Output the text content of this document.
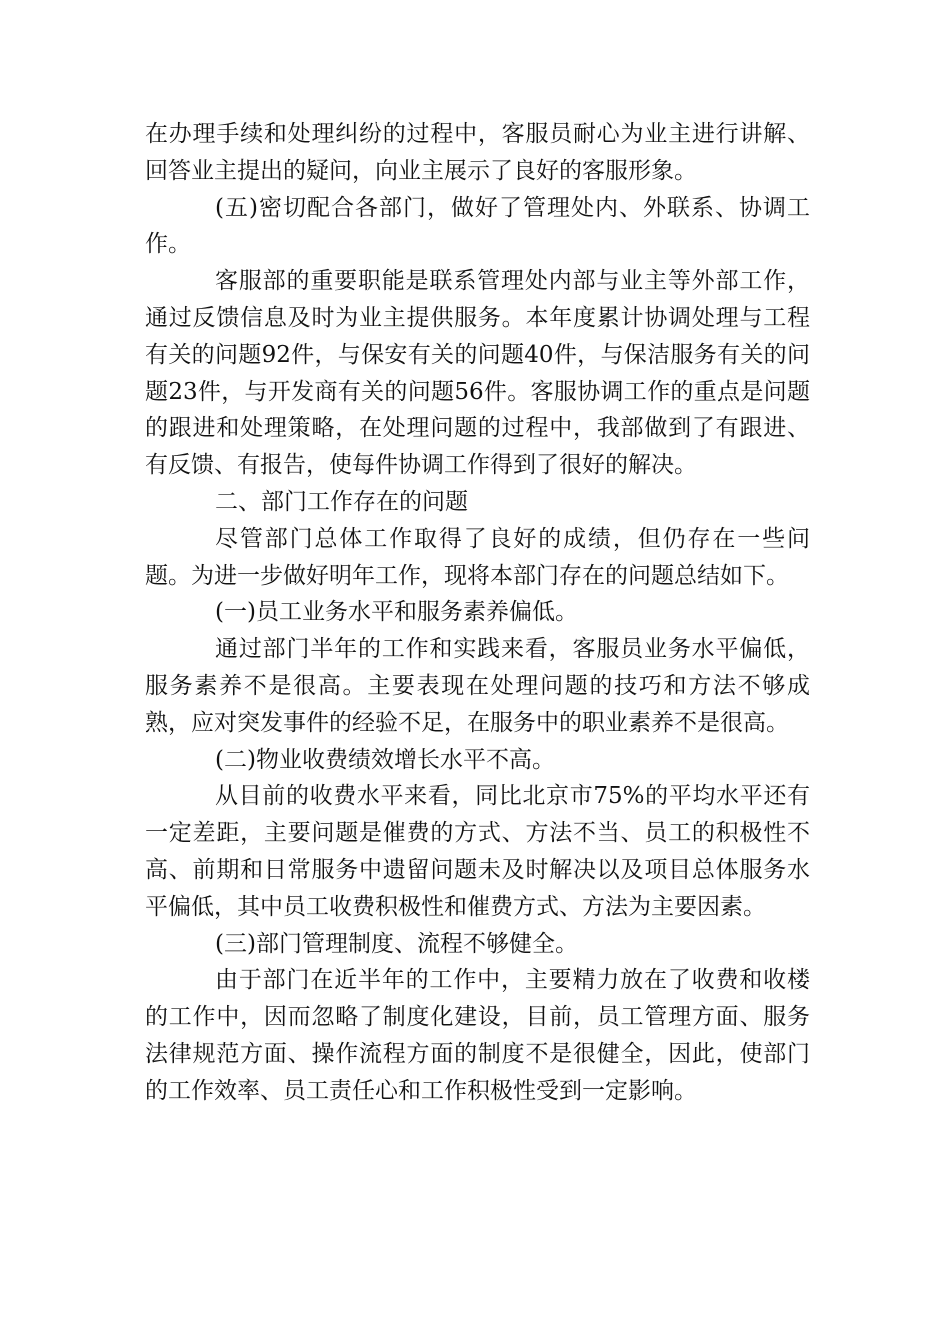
在办理手续和处理纠纷的过程中，客服员耐心为业主进行讲解、回答业主提出的疑问，向业主展示了良好的客服形象。

(五)密切配合各部门，做好了管理处内、外联系、协调工作。

客服部的重要职能是联系管理处内部与业主等外部工作，通过反馈信息及时为业主提供服务。本年度累计协调处理与工程有关的问题92件，与保安有关的问题40件，与保洁服务有关的问题23件，与开发商有关的问题56件。客服协调工作的重点是问题的跟进和处理策略，在处理问题的过程中，我部做到了有跟进、有反馈、有报告，使每件协调工作得到了很好的解决。

二、部门工作存在的问题

尽管部门总体工作取得了良好的成绩，但仍存在一些问题。为进一步做好明年工作，现将本部门存在的问题总结如下。

(一)员工业务水平和服务素养偏低。

通过部门半年的工作和实践来看，客服员业务水平偏低，服务素养不是很高。主要表现在处理问题的技巧和方法不够成熟，应对突发事件的经验不足，在服务中的职业素养不是很高。

(二)物业收费绩效增长水平不高。

从目前的收费水平来看，同比北京市75%的平均水平还有一定差距，主要问题是催费的方式、方法不当、员工的积极性不高、前期和日常服务中遗留问题未及时解决以及项目总体服务水平偏低，其中员工收费积极性和催费方式、方法为主要因素。

(三)部门管理制度、流程不够健全。

由于部门在近半年的工作中，主要精力放在了收费和收楼的工作中，因而忽略了制度化建设，目前，员工管理方面、服务法律规范方面、操作流程方面的制度不是很健全，因此，使部门的工作效率、员工责任心和工作积极性受到一定影响。
